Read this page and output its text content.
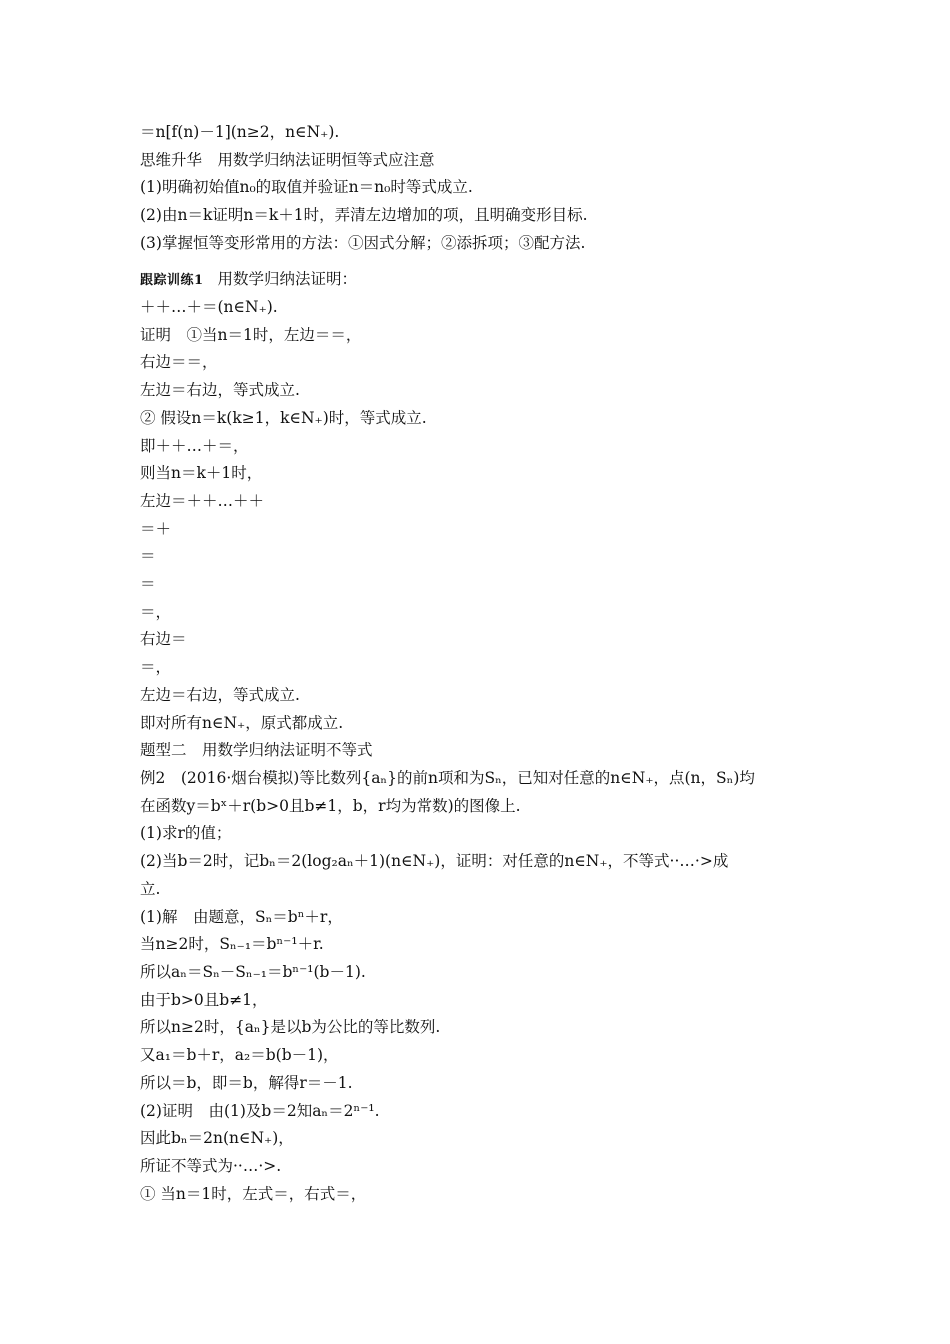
＝n[f(n)－1](n≥2，n∈N₊).
思维升华　用数学归纳法证明恒等式应注意
(1)明确初始值n₀的取值并验证n＝n₀时等式成立.
(2)由n＝k证明n＝k＋1时，弄清左边增加的项，且明确变形目标.
(3)掌握恒等变形常用的方法：①因式分解；②添拆项；③配方法.
跟踪训练1 用数学归纳法证明：
＋＋…＋＝(n∈N₊).
证明　①当n＝1时，左边＝＝，
右边＝＝，
左边＝右边，等式成立.
② 假设n＝k(k≥1，k∈N₊)时，等式成立.
即＋＋…＋＝，
则当n＝k＋1时，
左边＝＋＋…＋＋
＝＋
＝
＝
＝，
右边＝
＝，
左边＝右边，等式成立.
即对所有n∈N₊，原式都成立.
题型二　用数学归纳法证明不等式
例2　(2016·烟台模拟)等比数列{aₙ}的前n项和为Sₙ，已知对任意的n∈N₊，点(n，Sₙ)均
在函数y＝bˣ＋r(b>0且b≠1，b，r均为常数)的图像上.
(1)求r的值；
(2)当b＝2时，记bₙ＝2(log₂aₙ＋1)(n∈N₊)，证明：对任意的n∈N₊，不等式··…·>成
立.
(1)解　由题意，Sₙ＝bⁿ＋r，
当n≥2时，Sₙ₋₁＝bⁿ⁻¹＋r.
所以aₙ＝Sₙ－Sₙ₋₁＝bⁿ⁻¹(b－1).
由于b>0且b≠1，
所以n≥2时，{aₙ}是以b为公比的等比数列.
又a₁＝b＋r，a₂＝b(b－1)，
所以＝b，即＝b，解得r＝－1.
(2)证明　由(1)及b＝2知aₙ＝2ⁿ⁻¹.
因此bₙ＝2n(n∈N₊)，
所证不等式为··…·>.
① 当n＝1时，左式＝，右式＝，
